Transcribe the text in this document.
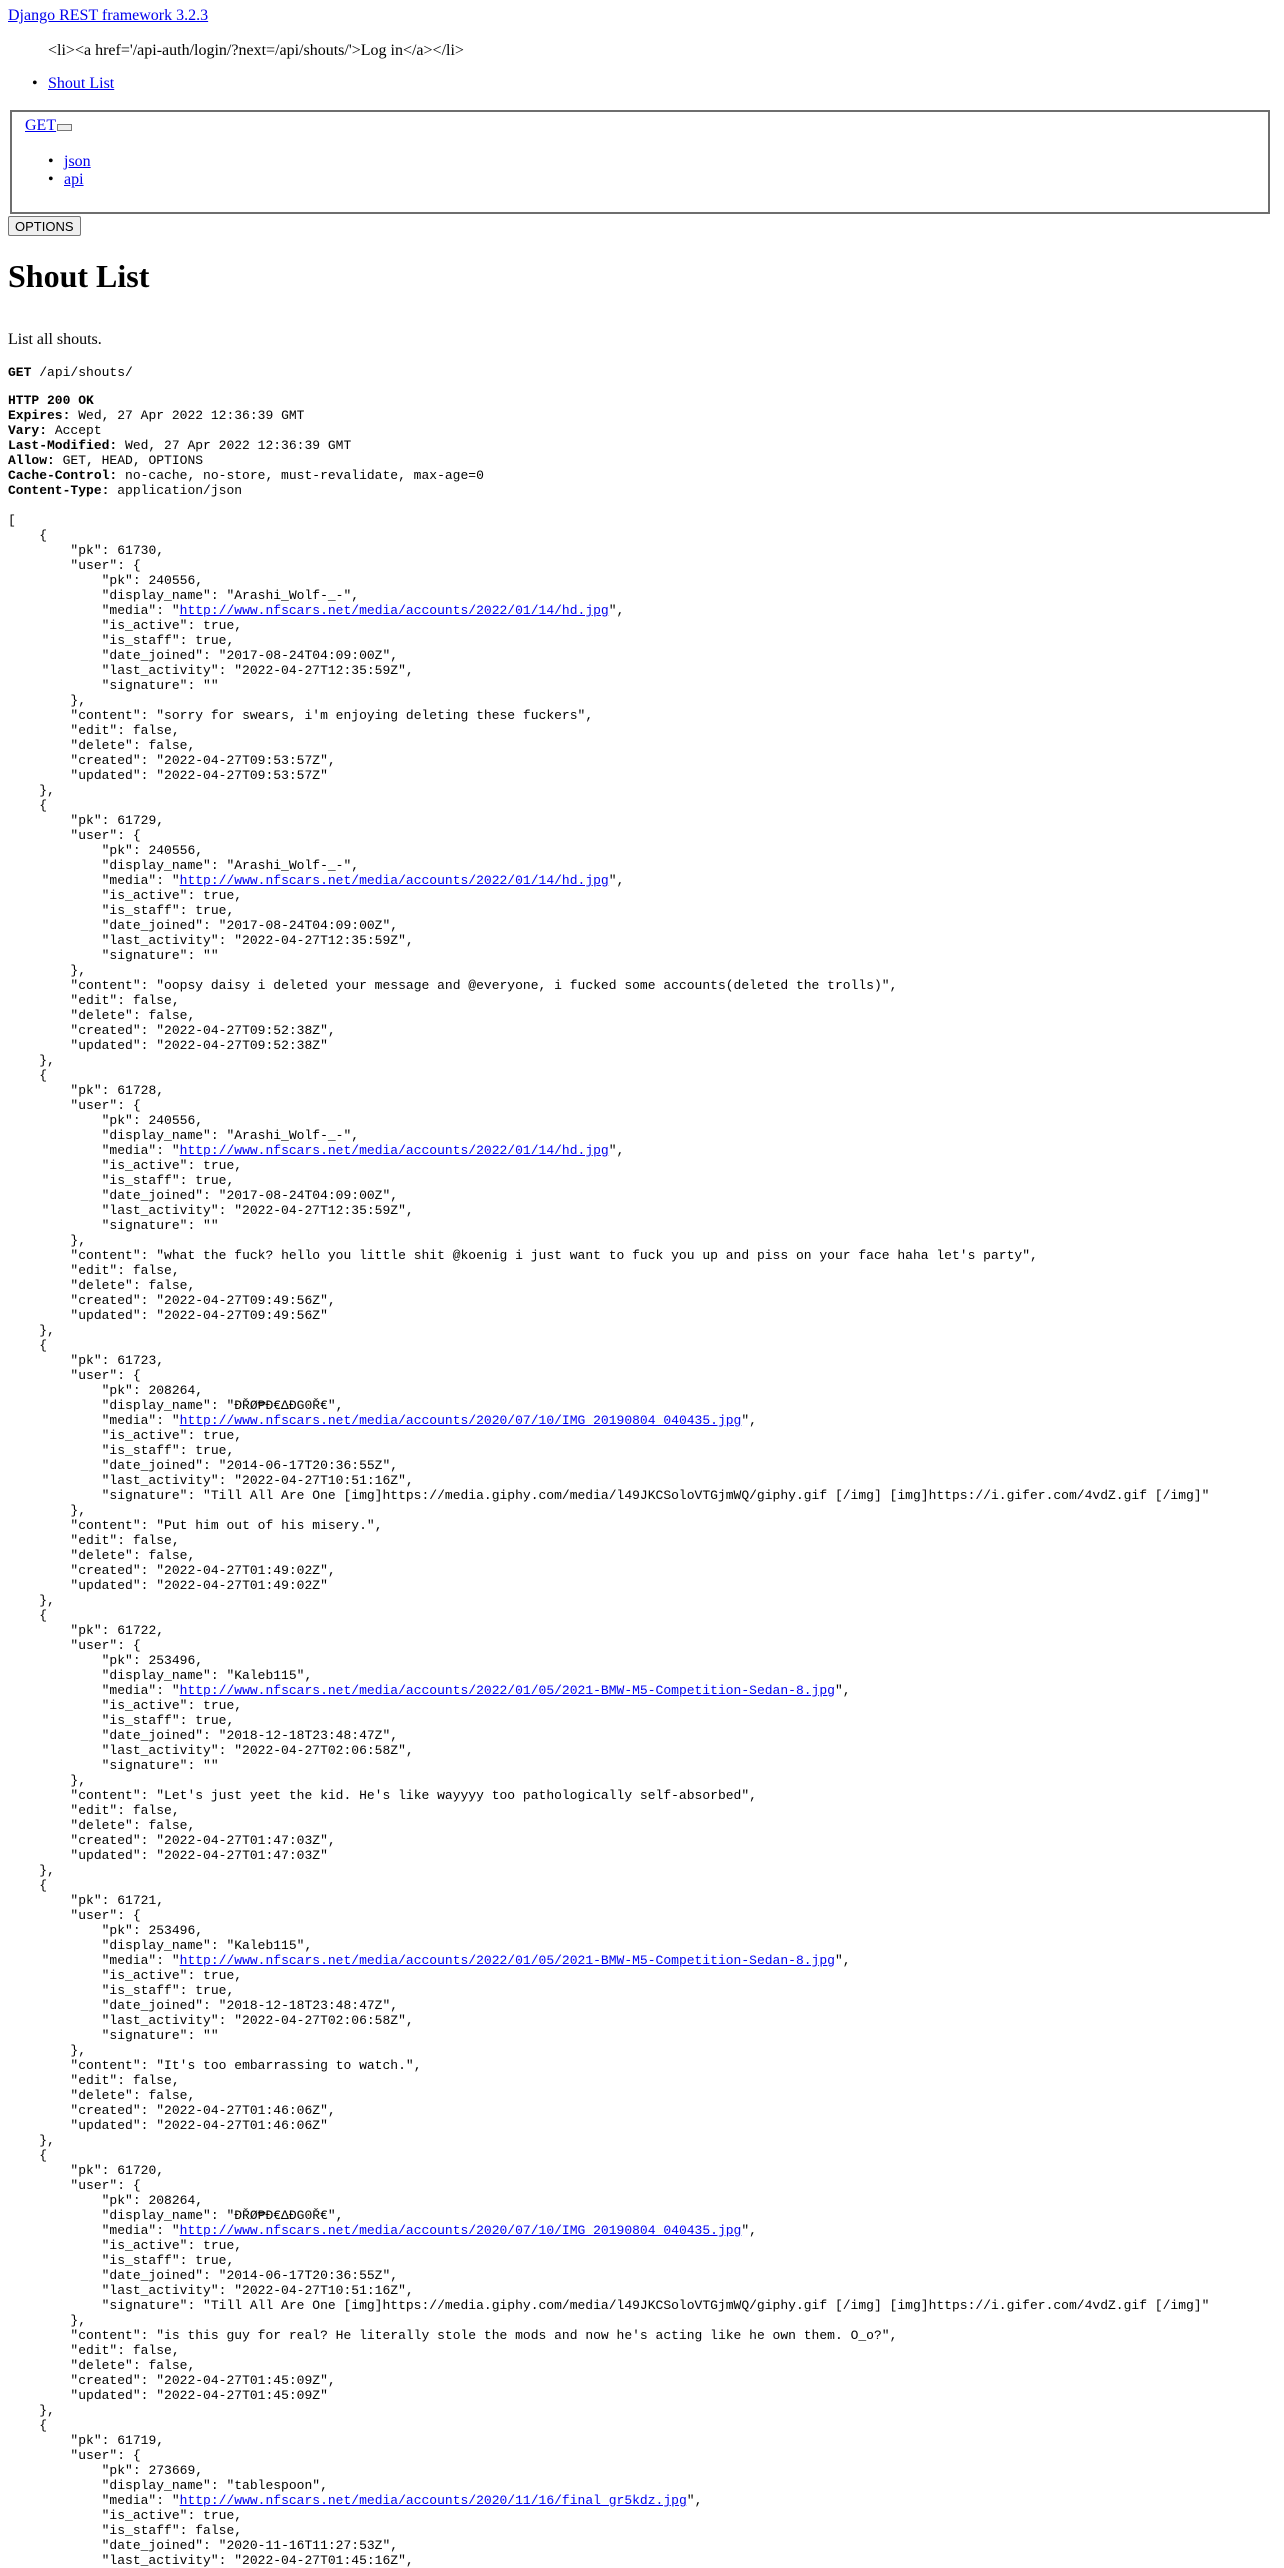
Django REST framework 3.2.3
<li><a href='/api-auth/login/?next=/api/shouts/'>Log in</a></li>
• Shout List
GET
• json
• api
OPTIONS
Shout List
List all shouts.
GET /api/shouts/
HTTP 200 OK
Expires: Wed, 27 Apr 2022 12:36:39 GMT
Vary: Accept
Last-Modified: Wed, 27 Apr 2022 12:36:39 GMT
Allow: GET, HEAD, OPTIONS
Cache-Control: no-cache, no-store, must-revalidate, max-age=0
Content-Type: application/json
[
{
"pk": 61730,
"user": {
"pk": 240556,
"display_name": "Arashi_Wolf-_-",
"media": "http://www.nfscars.net/media/accounts/2022/01/14/hd.jpg",
"is_active": true,
"is_staff": true,
"date_joined": "2017-08-24T04:09:00Z",
"last_activity": "2022-04-27T12:35:59Z",
"signature": ""
},
"content": "sorry for swears, i'm enjoying deleting these fuckers",
"edit": false,
"delete": false,
"created": "2022-04-27T09:53:57Z",
"updated": "2022-04-27T09:53:57Z"
},
{
"pk": 61729,
"user": {
"pk": 240556,
"display_name": "Arashi_Wolf-_-",
"media": "http://www.nfscars.net/media/accounts/2022/01/14/hd.jpg",
"is_active": true,
"is_staff": true,
"date_joined": "2017-08-24T04:09:00Z",
"last_activity": "2022-04-27T12:35:59Z",
"signature": ""
},
"content": "oopsy daisy i deleted your message and @everyone, i fucked some accounts(deleted the trolls)",
"edit": false,
"delete": false,
"created": "2022-04-27T09:52:38Z",
"updated": "2022-04-27T09:52:38Z"
},
{
"pk": 61728,
"user": {
"pk": 240556,
"display_name": "Arashi_Wolf-_-",
"media": "http://www.nfscars.net/media/accounts/2022/01/14/hd.jpg",
"is_active": true,
"is_staff": true,
"date_joined": "2017-08-24T04:09:00Z",
"last_activity": "2022-04-27T12:35:59Z",
"signature": ""
},
"content": "what the fuck? hello you little shit @koenig i just want to fuck you up and piss on your face haha let's party",
"edit": false,
"delete": false,
"created": "2022-04-27T09:49:56Z",
"updated": "2022-04-27T09:49:56Z"
},
{
"pk": 61723,
"user": {
"pk": 208264,
"display_name": "ĐŘØ₱Đ€ΔĐG0Ř€",
"media": "http://www.nfscars.net/media/accounts/2020/07/10/IMG_20190804_040435.jpg",
"is_active": true,
"is_staff": true,
"date_joined": "2014-06-17T20:36:55Z",
"last_activity": "2022-04-27T10:51:16Z",
"signature": "Till All Are One [img]https://media.giphy.com/media/l49JKCSoloVTGjmWQ/giphy.gif [/img] [img]https://i.gifer.com/4vdZ.gif [/img]"
},
"content": "Put him out of his misery.",
"edit": false,
"delete": false,
"created": "2022-04-27T01:49:02Z",
"updated": "2022-04-27T01:49:02Z"
},
{
"pk": 61722,
"user": {
"pk": 253496,
"display_name": "Kaleb115",
"media": "http://www.nfscars.net/media/accounts/2022/01/05/2021-BMW-M5-Competition-Sedan-8.jpg",
"is_active": true,
"is_staff": true,
"date_joined": "2018-12-18T23:48:47Z",
"last_activity": "2022-04-27T02:06:58Z",
"signature": ""
},
"content": "Let's just yeet the kid. He's like wayyyy too pathologically self-absorbed",
"edit": false,
"delete": false,
"created": "2022-04-27T01:47:03Z",
"updated": "2022-04-27T01:47:03Z"
},
{
"pk": 61721,
"user": {
"pk": 253496,
"display_name": "Kaleb115",
"media": "http://www.nfscars.net/media/accounts/2022/01/05/2021-BMW-M5-Competition-Sedan-8.jpg",
"is_active": true,
"is_staff": true,
"date_joined": "2018-12-18T23:48:47Z",
"last_activity": "2022-04-27T02:06:58Z",
"signature": ""
},
"content": "It's too embarrassing to watch.",
"edit": false,
"delete": false,
"created": "2022-04-27T01:46:06Z",
"updated": "2022-04-27T01:46:06Z"
},
{
"pk": 61720,
"user": {
"pk": 208264,
"display_name": "ĐŘØ₱Đ€ΔĐG0Ř€",
"media": "http://www.nfscars.net/media/accounts/2020/07/10/IMG_20190804_040435.jpg",
"is_active": true,
"is_staff": true,
"date_joined": "2014-06-17T20:36:55Z",
"last_activity": "2022-04-27T10:51:16Z",
"signature": "Till All Are One [img]https://media.giphy.com/media/l49JKCSoloVTGjmWQ/giphy.gif [/img] [img]https://i.gifer.com/4vdZ.gif [/img]"
},
"content": "is this guy for real? He literally stole the mods and now he's acting like he own them. O_o?",
"edit": false,
"delete": false,
"created": "2022-04-27T01:45:09Z",
"updated": "2022-04-27T01:45:09Z"
},
{
"pk": 61719,
"user": {
"pk": 273669,
"display_name": "tablespoon",
"media": "http://www.nfscars.net/media/accounts/2020/11/16/final_gr5kdz.jpg",
"is_active": true,
"is_staff": false,
"date_joined": "2020-11-16T11:27:53Z",
"last_activity": "2022-04-27T01:45:16Z",
